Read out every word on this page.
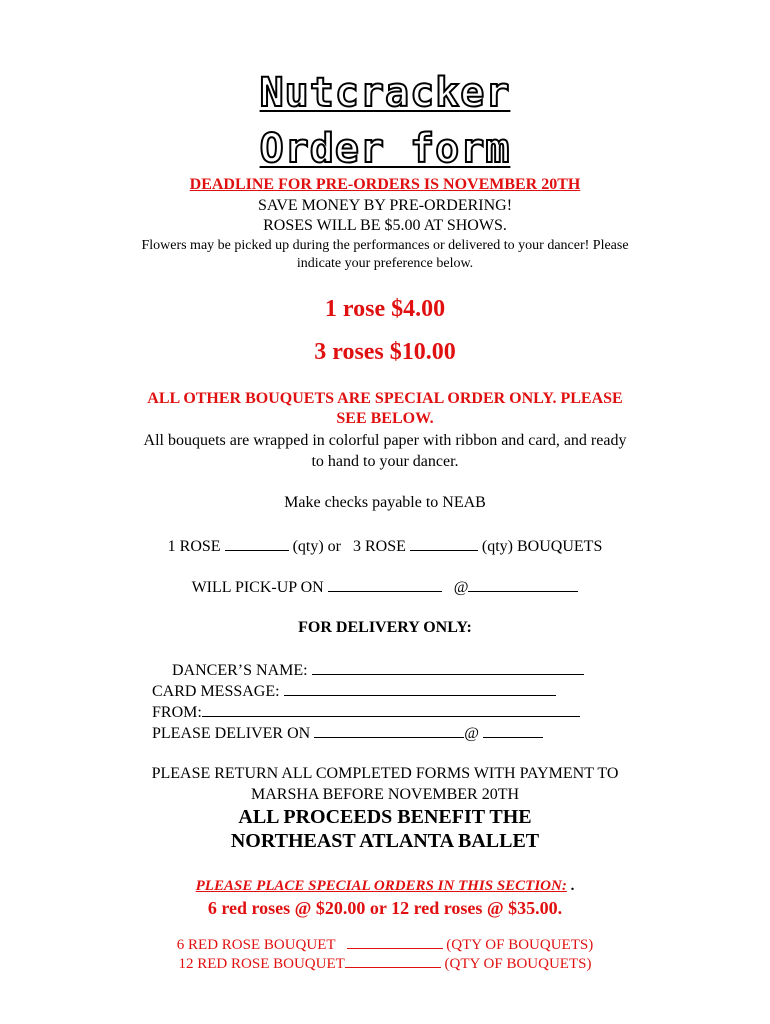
Nutcracker
Order form
DEADLINE FOR PRE-ORDERS IS NOVEMBER 20TH
SAVE MONEY BY PRE-ORDERING!
ROSES WILL BE $5.00 AT SHOWS.
Flowers may be picked up during the performances or delivered to your dancer! Please
indicate your preference below.
1 rose $4.00
3 roses $10.00
ALL OTHER BOUQUETS ARE SPECIAL ORDER ONLY. PLEASE
SEE BELOW.
All bouquets are wrapped in colorful paper with ribbon and card, and ready
to hand to your dancer.
Make checks payable to NEAB
1 ROSE	(qty) or 3 ROSE	(qty) BOUQUETS
WILL PICK-UP ON	@
FOR DELIVERY ONLY:
DANCER’S NAME:
CARD MESSAGE:
FROM:
PLEASE DELIVER ON	@
PLEASE RETURN ALL COMPLETED FORMS WITH PAYMENT TO
MARSHA BEFORE NOVEMBER 20TH
ALL PROCEEDS BENEFIT THE
NORTHEAST ATLANTA BALLET
PLEASE PLACE SPECIAL ORDERS IN THIS SECTION: .
6 red roses @ $20.00 or 12 red roses @ $35.00.
6 RED ROSE BOUQUET	(QTY OF BOUQUETS)
12 RED ROSE BOUQUET	(QTY OF BOUQUETS)
